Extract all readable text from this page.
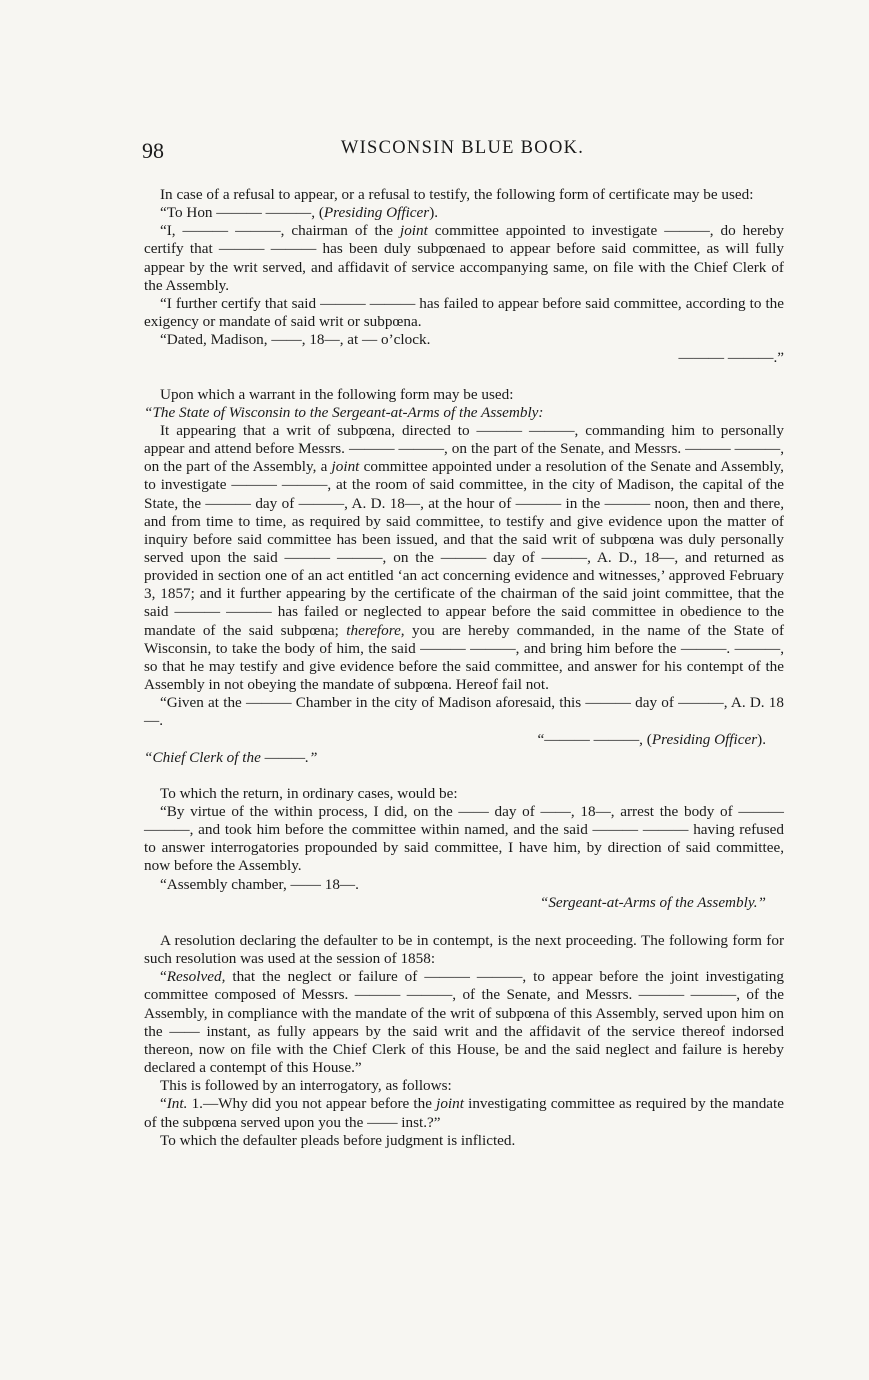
98	WISCONSIN BLUE BOOK.

In case of a refusal to appear, or a refusal to testify, the following form of certificate may be used:

“To Hon ——— ———, (Presiding Officer).

“I, ——— ———, chairman of the joint committee appointed to investigate ———, do hereby certify that ——— ——— has been duly subpœnaed to appear before said committee, as will fully appear by the writ served, and affidavit of service accompanying same, on file with the Chief Clerk of the Assembly.

“I further certify that said ——— ——— has failed to appear before said committee, according to the exigency or mandate of said writ or subpœna.

“Dated, Madison, ——, 18—, at — o’clock.

——— ———.”

Upon which a warrant in the following form may be used:

“The State of Wisconsin to the Sergeant-at-Arms of the Assembly:

It appearing that a writ of subpœna, directed to ——— ———, commanding him to personally appear and attend before Messrs. ——— ———, on the part of the Senate, and Messrs. ——— ———, on the part of the Assembly, a joint committee appointed under a resolution of the Senate and Assembly, to investigate ——— ———, at the room of said committee, in the city of Madison, the capital of the State, the ——— day of ———, A. D. 18—, at the hour of ——— in the ——— noon, then and there, and from time to time, as required by said committee, to testify and give evidence upon the matter of inquiry before said committee has been issued, and that the said writ of subpœna was duly personally served upon the said ——— ———, on the ——— day of ———, A. D., 18—, and returned as provided in section one of an act entitled ‘an act concerning evidence and witnesses,’ approved February 3, 1857; and it further appearing by the certificate of the chairman of the said joint committee, that the said ——— ——— has failed or neglected to appear before the said committee in obedience to the mandate of the said subpœna; therefore, you are hereby commanded, in the name of the State of Wisconsin, to take the body of him, the said ——— ———, and bring him before the ———. ———, so that he may testify and give evidence before the said committee, and answer for his contempt of the Assembly in not obeying the mandate of subpœna. Hereof fail not.

“Given at the ——— Chamber in the city of Madison aforesaid, this ——— day of ———, A. D. 18—.

“——— ———, (Presiding Officer).

“Chief Clerk of the ———.”

To which the return, in ordinary cases, would be:

“By virtue of the within process, I did, on the —— day of ——, 18—, arrest the body of ——— ———, and took him before the committee within named, and the said ——— ——— having refused to answer interrogatories propounded by said committee, I have him, by direction of said committee, now before the Assembly.

“Assembly chamber, —— 18—.

“Sergeant-at-Arms of the Assembly.”

A resolution declaring the defaulter to be in contempt, is the next proceeding. The following form for such resolution was used at the session of 1858:

“Resolved, that the neglect or failure of ——— ———, to appear before the joint investigating committee composed of Messrs. ——— ———, of the Senate, and Messrs. ——— ———, of the Assembly, in compliance with the mandate of the writ of subpœna of this Assembly, served upon him on the —— instant, as fully appears by the said writ and the affidavit of the service thereof indorsed thereon, now on file with the Chief Clerk of this House, be and the said neglect and failure is hereby declared a contempt of this House.”

This is followed by an interrogatory, as follows:

“Int. 1.—Why did you not appear before the joint investigating committee as required by the mandate of the subpœna served upon you the —— inst.?”

To which the defaulter pleads before judgment is inflicted.
